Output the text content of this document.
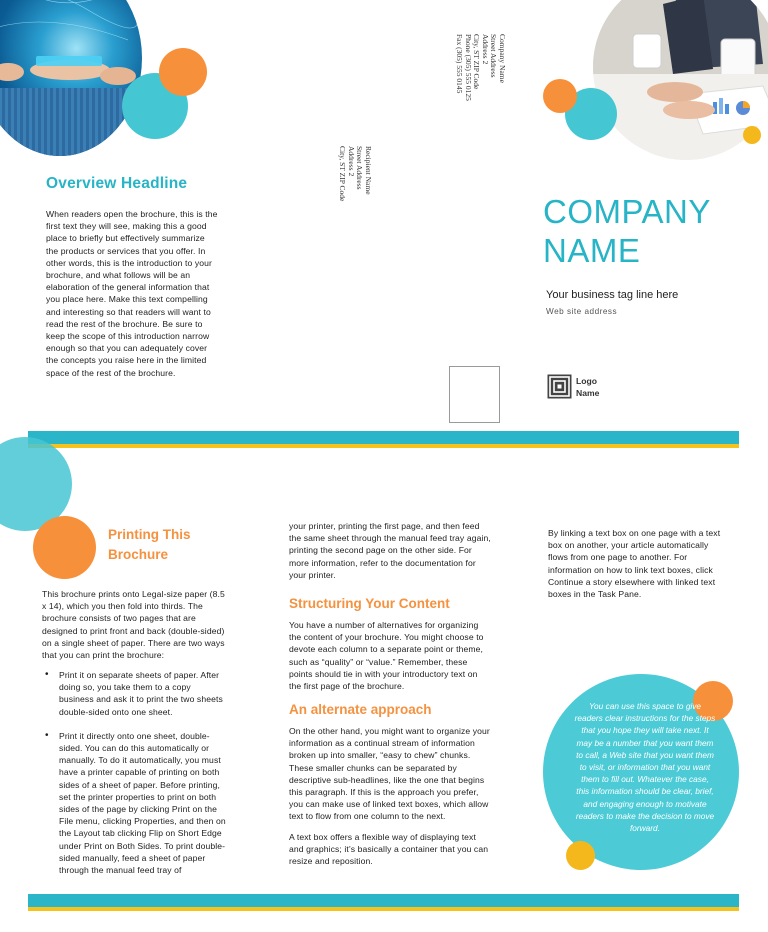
Overview Headline
When readers open the brochure, this is the first text they will see, making this a good place to briefly but effectively summarize the products or services that you offer. In other words, this is the introduction to your brochure, and what follows will be an elaboration of the general information that you place here. Make this text compelling and interesting so that readers will want to read the rest of the brochure. Be sure to keep the scope of this introduction narrow enough so that you can adequately cover the concepts you raise here in the limited space of the rest of the brochure.
Company Name
Street Address
Address 2
City, ST ZIP Code
Phone (305) 555 0125
Fax (305) 555 0145
Recipient Name
Street Address
Address 2
City, ST ZIP Code
COMPANY
NAME
Your business tag line here
Web site address
Logo
Name
Printing This
Brochure
This brochure prints onto Legal-size paper (8.5 x 14), which you then fold into thirds. The brochure consists of two pages that are designed to print front and back (double-sided) on a single sheet of paper. There are two ways that you can print the brochure:
• Print it on separate sheets of paper. After doing so, you take them to a copy business and ask it to print the two sheets double-sided onto one sheet.
• Print it directly onto one sheet, double-sided. You can do this automatically or manually. To do it automatically, you must have a printer capable of printing on both sides of a sheet of paper. Before printing, set the printer properties to print on both sides of the page by clicking Print on the File menu, clicking Properties, and then on the Layout tab clicking Flip on Short Edge under Print on Both Sides. To print double-sided manually, feed a sheet of paper through the manual feed tray of
your printer, printing the first page, and then feed the same sheet through the manual feed tray again, printing the second page on the other side. For more information, refer to the documentation for your printer.
Structuring Your Content
You have a number of alternatives for organizing the content of your brochure. You might choose to devote each column to a separate point or theme, such as “quality” or “value.” Remember, these points should tie in with your introductory text on the first page of the brochure.
An alternate approach
On the other hand, you might want to organize your information as a continual stream of information broken up into smaller, “easy to chew” chunks. These smaller chunks can be separated by descriptive sub-headlines, like the one that begins this paragraph. If this is the approach you prefer, you can make use of linked text boxes, which allow text to flow from one column to the next.
A text box offers a flexible way of displaying text and graphics; it’s basically a container that you can resize and reposition.
By linking a text box on one page with a text box on another, your article automatically flows from one page to another. For information on how to link text boxes, click Continue a story elsewhere with linked text boxes in the Task Pane.
You can use this space to give readers clear instructions for the steps that you hope they will take next. It may be a number that you want them to call, a Web site that you want them to visit, or information that you want them to fill out. Whatever the case, this information should be clear, brief, and engaging enough to motivate readers to make the decision to move forward.
